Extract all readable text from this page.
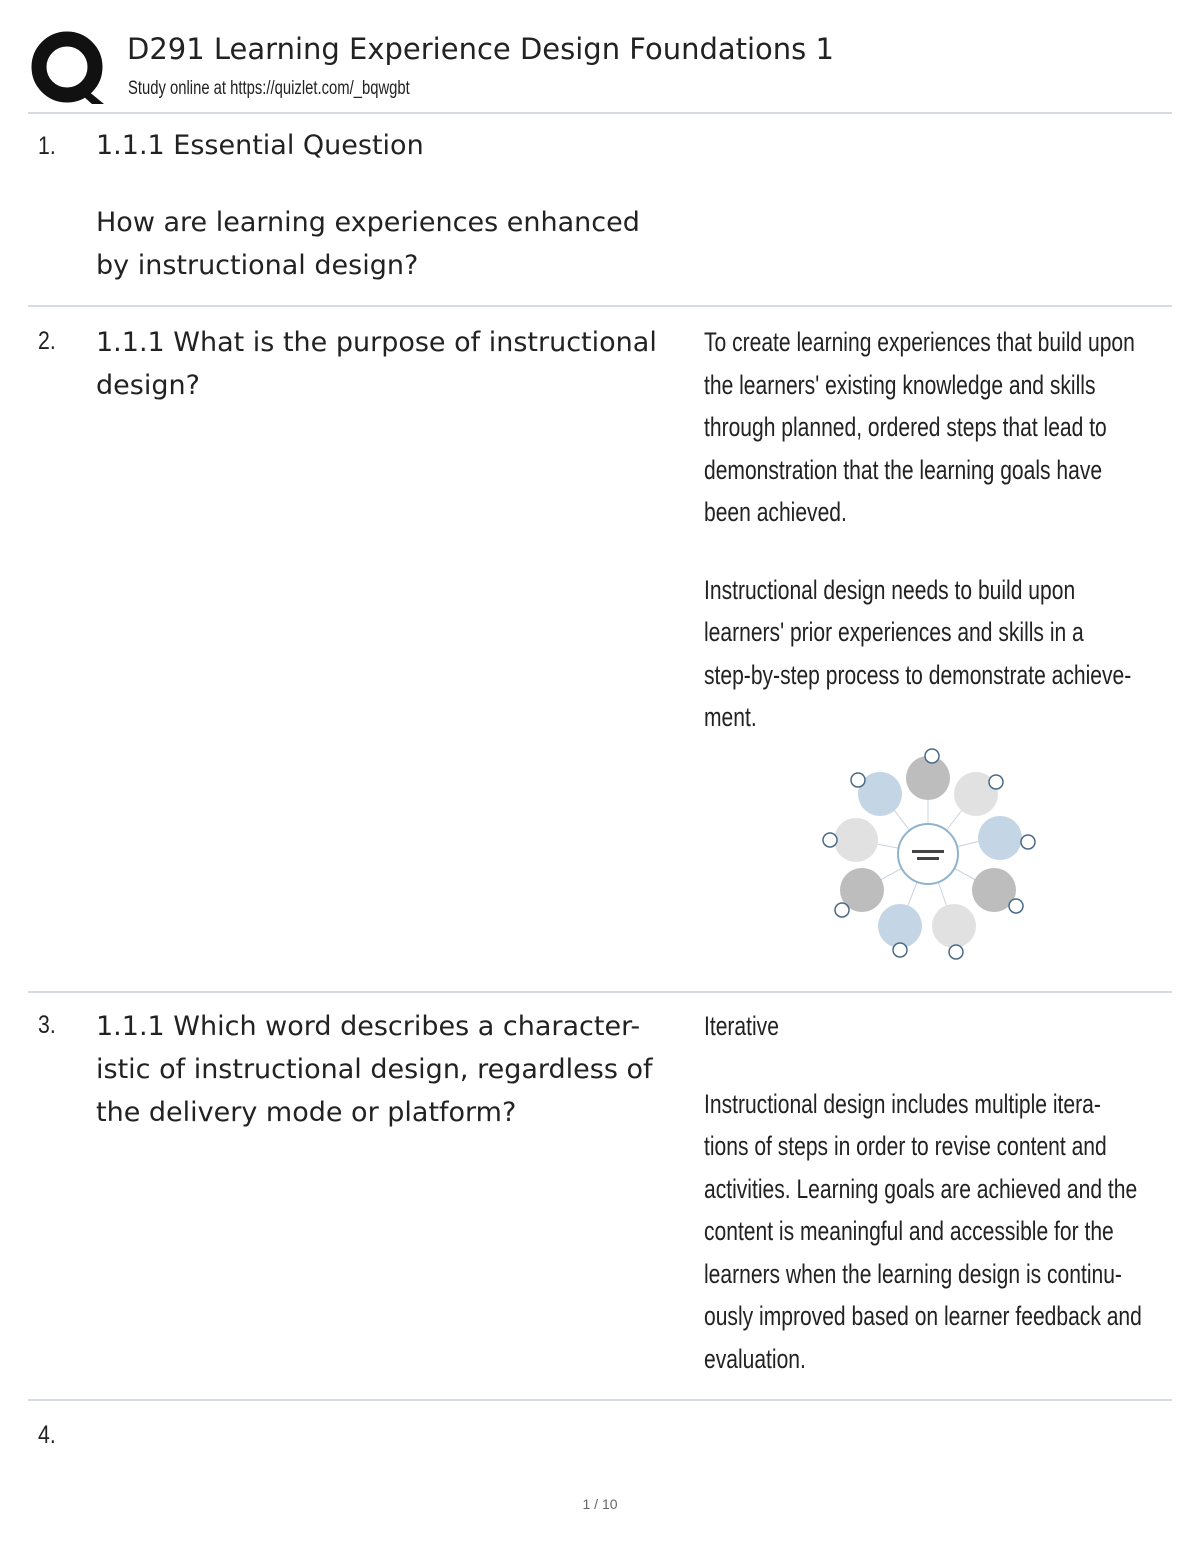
D291 Learning Experience Design Foundations 1
Study online at https://quizlet.com/_bqwgbt
1. 1.1.1 Essential Question

How are learning experiences enhanced
by instructional design?

2. 1.1.1 What is the purpose of instructional
design?

To create learning experiences that build upon
the learners' existing knowledge and skills
through planned, ordered steps that lead to
demonstration that the learning goals have
been achieved.

Instructional design needs to build upon
learners' prior experiences and skills in a
step-by-step process to demonstrate achieve-
ment.

3. 1.1.1 Which word describes a character-
istic of instructional design, regardless of
the delivery mode or platform?

Iterative

Instructional design includes multiple itera-
tions of steps in order to revise content and
activities. Learning goals are achieved and the
content is meaningful and accessible for the
learners when the learning design is continu-
ously improved based on learner feedback and
evaluation.

4.
1 / 10
